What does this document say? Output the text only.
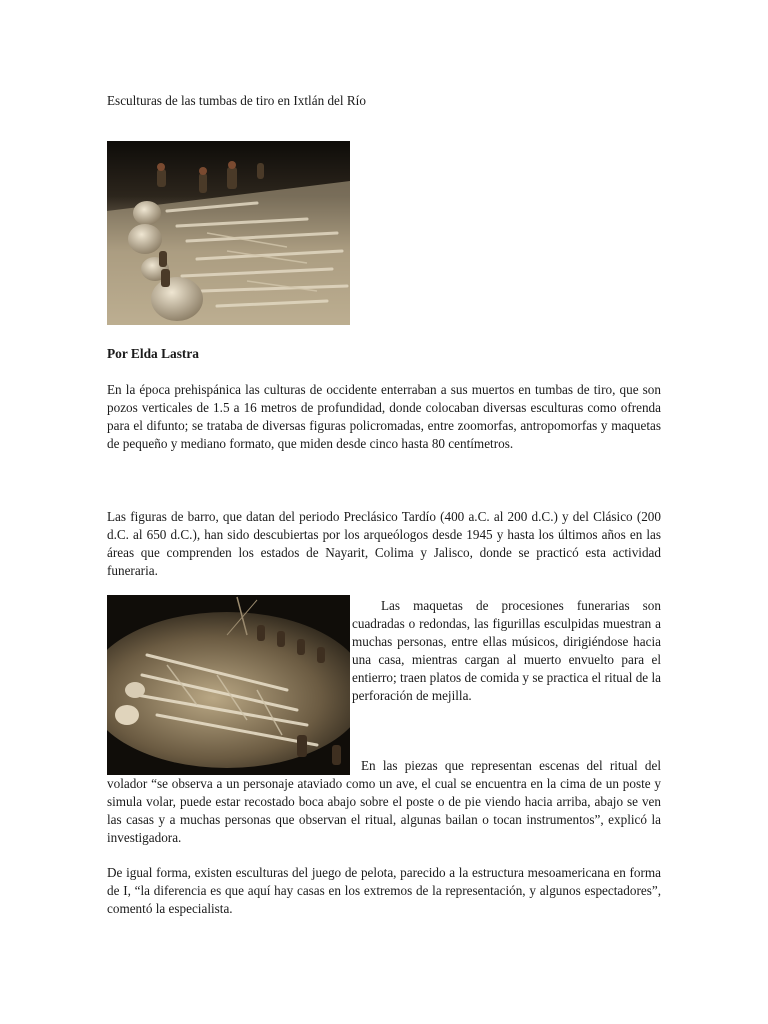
Esculturas de las tumbas de tiro en Ixtlán del Río
Por Elda Lastra

En la época prehispánica las culturas de occidente enterraban a sus muertos en tumbas de tiro, que son pozos verticales de 1.5 a 16 metros de profundidad, donde colocaban diversas esculturas como ofrenda para el difunto; se trataba de diversas figuras policromadas, entre zoomorfas, antropomorfas y maquetas de pequeño y mediano formato, que miden desde cinco hasta 80 centímetros.

Las figuras de barro, que datan del periodo Preclásico Tardío (400 a.C. al 200 d.C.) y del Clásico (200 d.C. al 650 d.C.), han sido descubiertas por los arqueólogos desde 1945 y hasta los últimos años en las áreas que comprenden los estados de Nayarit, Colima y Jalisco, donde se practicó esta actividad funeraria.

Las maquetas de procesiones funerarias son cuadradas o redondas, las figurillas esculpidas muestran a muchas personas, entre ellas músicos, dirigiéndose hacia una casa, mientras cargan al muerto envuelto para el entierro; traen platos de comida y se practica el ritual de la perforación de mejilla.

En las piezas que representan escenas del ritual del volador “se observa a un personaje ataviado como un ave, el cual se encuentra en la cima de un poste y simula volar, puede estar recostado boca abajo sobre el poste o de pie viendo hacia arriba, abajo se ven las casas y a muchas personas que observan el ritual, algunas bailan o tocan instrumentos”, explicó la investigadora.

De igual forma, existen esculturas del juego de pelota, parecido a la estructura mesoamericana en forma de I, “la diferencia es que aquí hay casas en los extremos de la representación, y algunos espectadores”, comentó la especialista.
